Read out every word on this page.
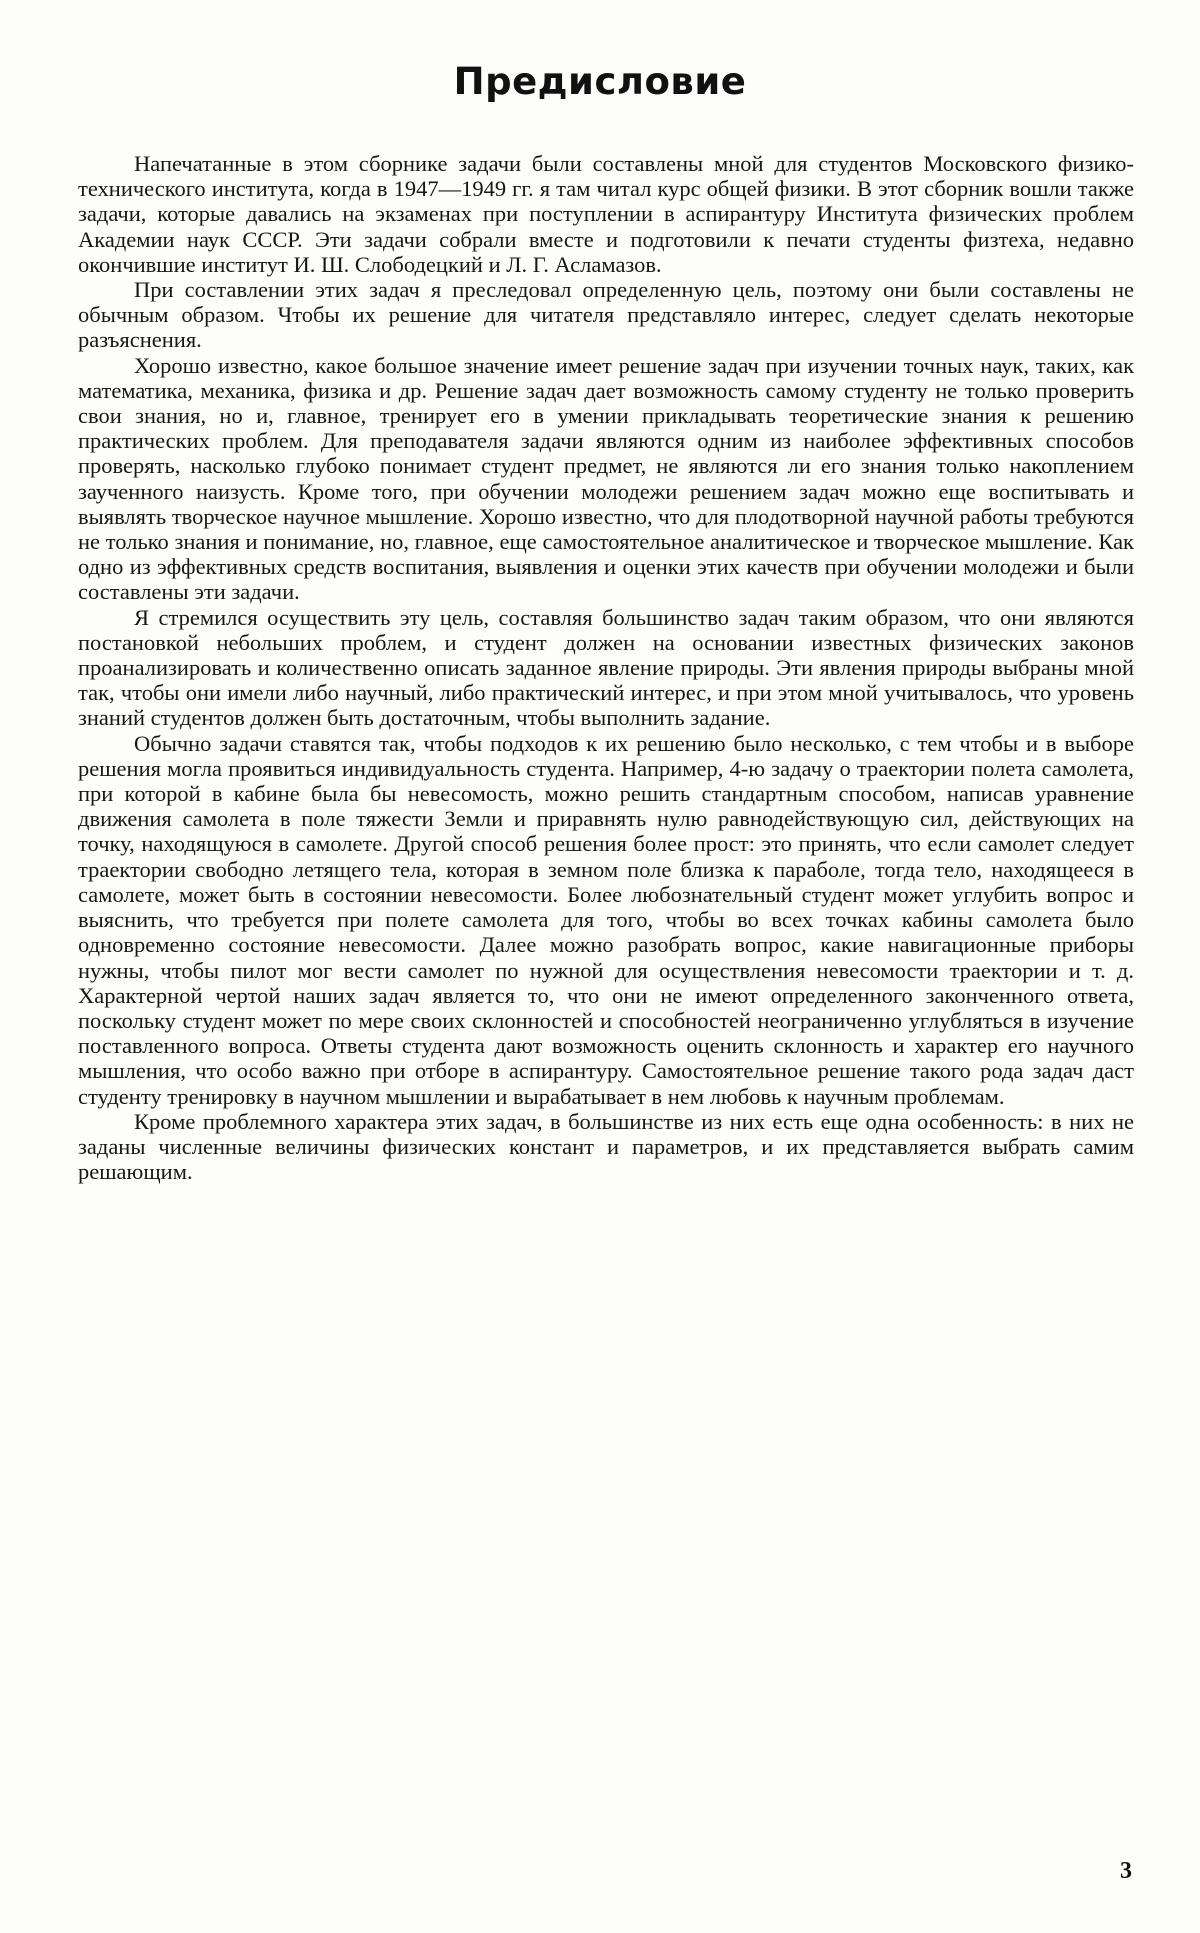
Предисловие

Напечатанные в этом сборнике задачи были составлены мной для студентов Московского физико-технического института, когда в 1947—1949 гг. я там читал курс общей физики. В этот сборник вошли также задачи, которые давались на экзаменах при поступлении в аспирантуру Института физических проблем Академии наук СССР. Эти задачи собрали вместе и подготовили к печати студенты физтеха, недавно окончившие институт И. Ш. Слободецкий и Л. Г. Асламазов.

При составлении этих задач я преследовал определенную цель, поэтому они были составлены не обычным образом. Чтобы их решение для читателя представляло интерес, следует сделать некоторые разъяснения.

Хорошо известно, какое большое значение имеет решение задач при изучении точных наук, таких, как математика, механика, физика и др. Решение задач дает возможность самому студенту не только проверить свои знания, но и, главное, тренирует его в умении прикладывать теоретические знания к решению практических проблем. Для преподавателя задачи являются одним из наиболее эффективных способов проверять, насколько глубоко понимает студент предмет, не являются ли его знания только накоплением заученного наизусть. Кроме того, при обучении молодежи решением задач можно еще воспитывать и выявлять творческое научное мышление. Хорошо известно, что для плодотворной научной работы требуются не только знания и понимание, но, главное, еще самостоятельное аналитическое и творческое мышление. Как одно из эффективных средств воспитания, выявления и оценки этих качеств при обучении молодежи и были составлены эти задачи.

Я стремился осуществить эту цель, составляя большинство задач таким образом, что они являются постановкой небольших проблем, и студент должен на основании известных физических законов проанализировать и количественно описать заданное явление природы. Эти явления природы выбраны мной так, чтобы они имели либо научный, либо практический интерес, и при этом мной учитывалось, что уровень знаний студентов должен быть достаточным, чтобы выполнить задание.

Обычно задачи ставятся так, чтобы подходов к их решению было несколько, с тем чтобы и в выборе решения могла проявиться индивидуальность студента. Например, 4-ю задачу о траектории полета самолета, при которой в кабине была бы невесомость, можно решить стандартным способом, написав уравнение движения самолета в поле тяжести Земли и приравнять нулю равнодействующую сил, действующих на точку, находящуюся в самолете. Другой способ решения более прост: это принять, что если самолет следует траектории свободно летящего тела, которая в земном поле близка к параболе, тогда тело, находящееся в самолете, может быть в состоянии невесомости. Более любознательный студент может углубить вопрос и выяснить, что требуется при полете самолета для того, чтобы во всех точках кабины самолета было одновременно состояние невесомости. Далее можно разобрать вопрос, какие навигационные приборы нужны, чтобы пилот мог вести самолет по нужной для осуществления невесомости траектории и т. д. Характерной чертой наших задач является то, что они не имеют определенного законченного ответа, поскольку студент может по мере своих склонностей и способностей неограниченно углубляться в изучение поставленного вопроса. Ответы студента дают возможность оценить склонность и характер его научного мышления, что особо важно при отборе в аспирантуру. Самостоятельное решение такого рода задач даст студенту тренировку в научном мышлении и вырабатывает в нем любовь к научным проблемам.

Кроме проблемного характера этих задач, в большинстве из них есть еще одна особенность: в них не заданы численные величины физических констант и параметров, и их представляется выбрать самим решающим.

3
